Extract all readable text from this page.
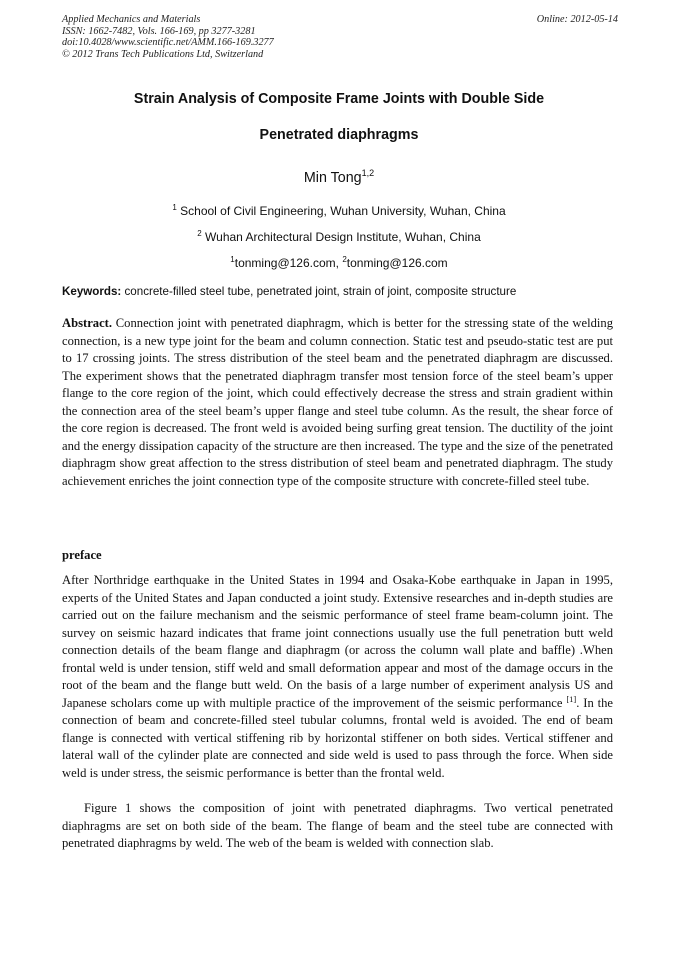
Applied Mechanics and Materials
ISSN: 1662-7482, Vols. 166-169, pp 3277-3281
doi:10.4028/www.scientific.net/AMM.166-169.3277
© 2012 Trans Tech Publications Ltd, Switzerland
Online: 2012-05-14
Strain Analysis of Composite Frame Joints with Double Side
Penetrated diaphragms
Min Tong$^{1,2}$
$^1$ School of Civil Engineering, Wuhan University, Wuhan, China
$^2$ Wuhan Architectural Design Institute, Wuhan, China
$^1$tonming@126.com, $^2$tonming@126.com
Keywords: concrete-filled steel tube, penetrated joint, strain of joint, composite structure
Abstract. Connection joint with penetrated diaphragm, which is better for the stressing state of the welding connection, is a new type joint for the beam and column connection. Static test and pseudo-static test are put to 17 crossing joints. The stress distribution of the steel beam and the penetrated diaphragm are discussed. The experiment shows that the penetrated diaphragm transfer most tension force of the steel beam’s upper flange to the core region of the joint, which could effectively decrease the stress and strain gradient within the connection area of the steel beam’s upper flange and steel tube column. As the result, the shear force of the core region is decreased. The front weld is avoided being surfing great tension. The ductility of the joint and the energy dissipation capacity of the structure are then increased. The type and the size of the penetrated diaphragm show great affection to the stress distribution of steel beam and penetrated diaphragm. The study achievement enriches the joint connection type of the composite structure with concrete-filled steel tube.
preface
After Northridge earthquake in the United States in 1994 and Osaka-Kobe earthquake in Japan in 1995, experts of the United States and Japan conducted a joint study. Extensive researches and in-depth studies are carried out on the failure mechanism and the seismic performance of steel frame beam-column joint. The survey on seismic hazard indicates that frame joint connections usually use the full penetration butt weld connection details of the beam flange and diaphragm (or across the column wall plate and baffle) .When frontal weld is under tension, stiff weld and small deformation appear and most of the damage occurs in the root of the beam and the flange butt weld. On the basis of a large number of experiment analysis US and Japanese scholars come up with multiple practice of the improvement of the seismic performance [1]. In the connection of beam and concrete-filled steel tubular columns, frontal weld is avoided. The end of beam flange is connected with vertical stiffening rib by horizontal stiffener on both sides. Vertical stiffener and lateral wall of the cylinder plate are connected and side weld is used to pass through the force. When side weld is under stress, the seismic performance is better than the frontal weld.
Figure 1 shows the composition of joint with penetrated diaphragms. Two vertical penetrated diaphragms are set on both side of the beam. The flange of beam and the steel tube are connected with penetrated diaphragms by weld. The web of the beam is welded with connection slab.
